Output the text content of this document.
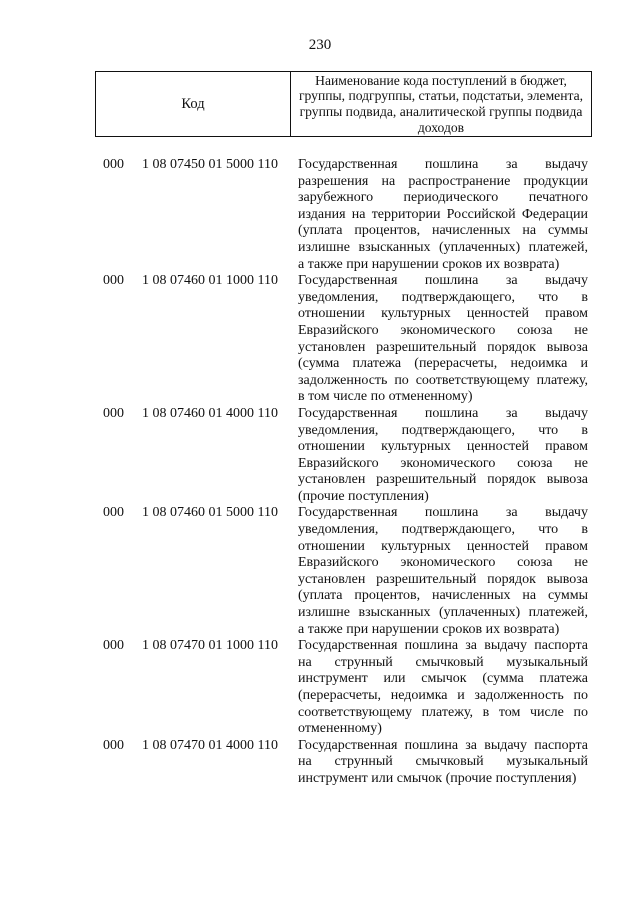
230
Код
Наименование кода поступлений в бюджет, группы, подгруппы, статьи, подстатьи, элемента, группы подвида, аналитической группы подвида доходов
000	1 08 07450 01 5000 110	Государственная пошлина за выдачу
разрешения на распространение продукции
зарубежного периодического печатного
издания на территории Российской Федерации
(уплата процентов, начисленных на суммы
излишне взысканных (уплаченных) платежей,
а также при нарушении сроков их возврата)
000	1 08 07460 01 1000 110	Государственная пошлина за выдачу
уведомления, подтверждающего, что в
отношении культурных ценностей правом
Евразийского экономического союза не
установлен разрешительный порядок вывоза
(сумма платежа (перерасчеты, недоимка и
задолженность по соответствующему платежу,
в том числе по отмененному)
000	1 08 07460 01 4000 110	Государственная пошлина за выдачу
уведомления, подтверждающего, что в
отношении культурных ценностей правом
Евразийского экономического союза не
установлен разрешительный порядок вывоза
(прочие поступления)
000	1 08 07460 01 5000 110	Государственная пошлина за выдачу
уведомления, подтверждающего, что в
отношении культурных ценностей правом
Евразийского экономического союза не
установлен разрешительный порядок вывоза
(уплата процентов, начисленных на суммы
излишне взысканных (уплаченных) платежей,
а также при нарушении сроков их возврата)
000	1 08 07470 01 1000 110	Государственная пошлина за выдачу паспорта
на струнный смычковый музыкальный
инструмент или смычок (сумма платежа
(перерасчеты, недоимка и задолженность по
соответствующему платежу, в том числе по
отмененному)
000	1 08 07470 01 4000 110	Государственная пошлина за выдачу паспорта
на струнный смычковый музыкальный
инструмент или смычок (прочие поступления)
